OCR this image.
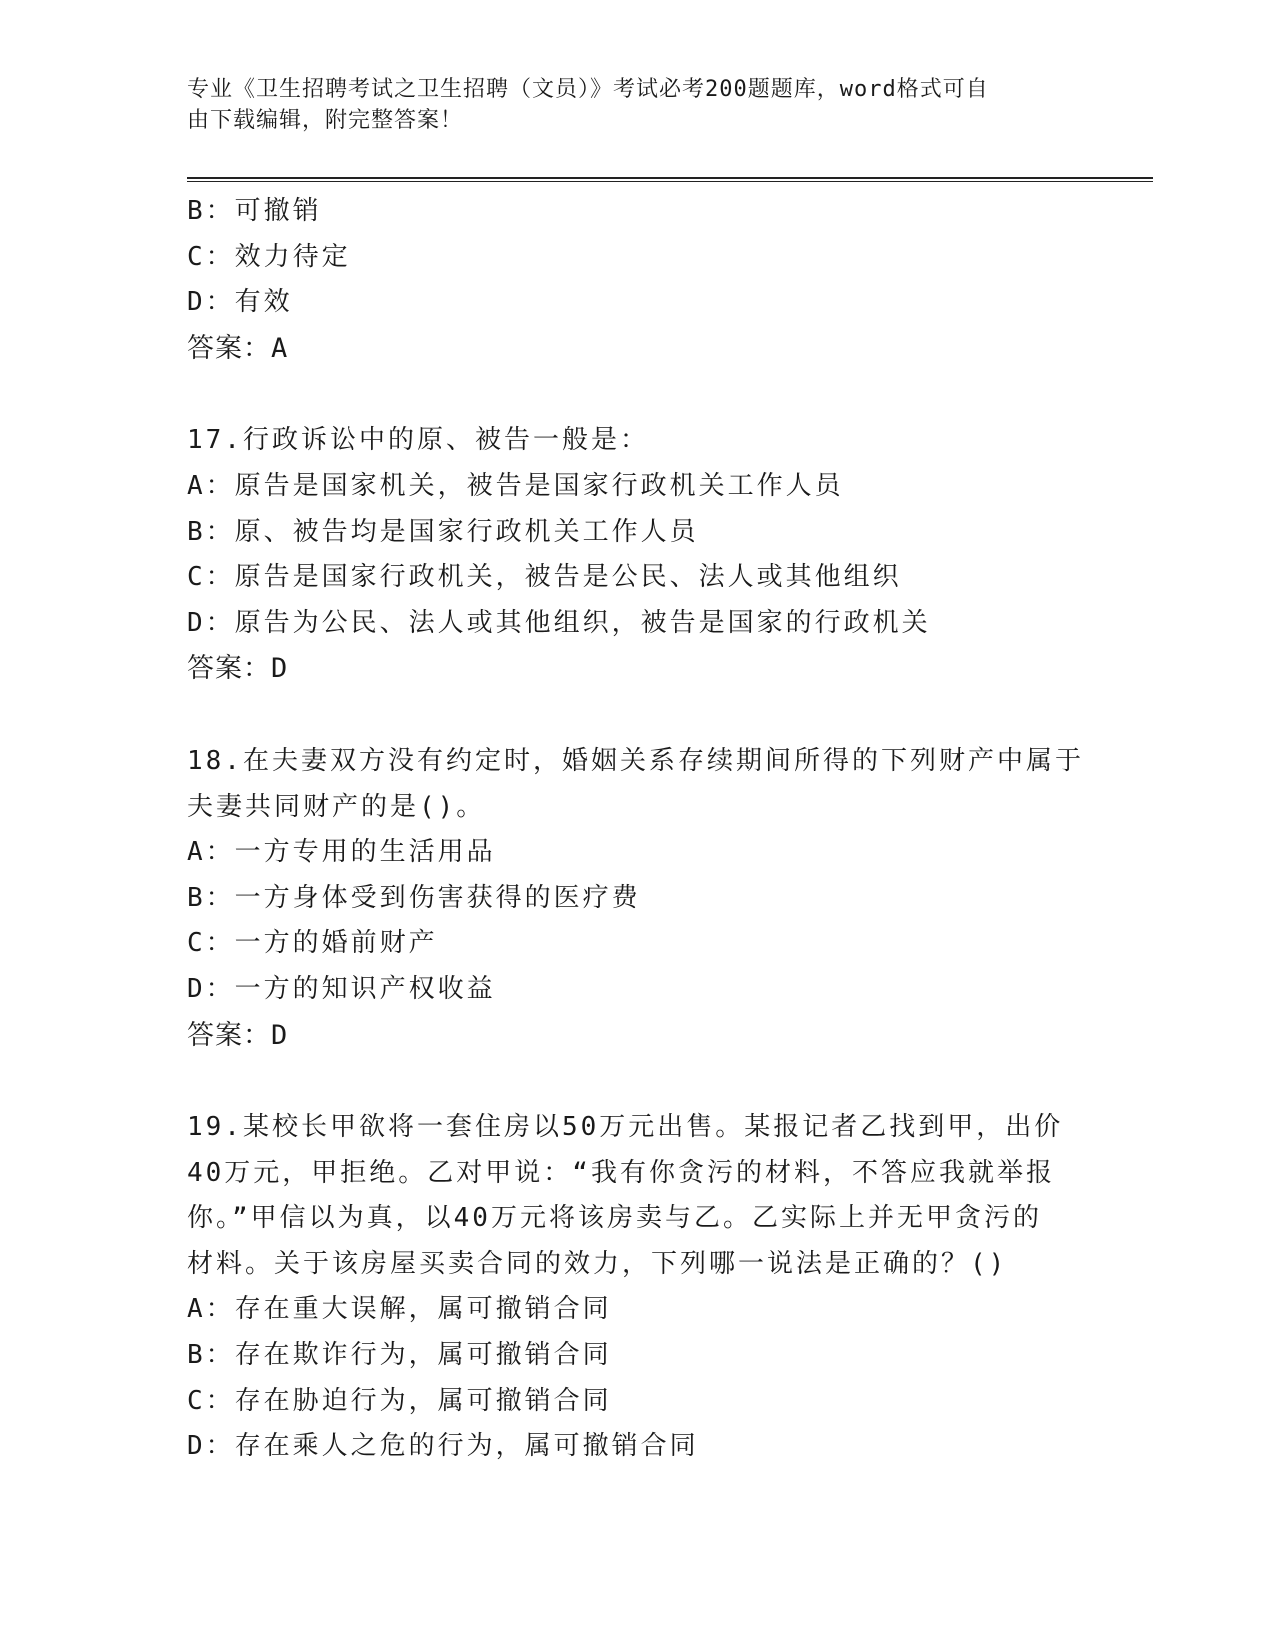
专业《卫生招聘考试之卫生招聘（文员）》考试必考200题题库，word格式可自
由下载编辑，附完整答案！
B：可撤销
C：效力待定
D：有效
答案：A
17.行政诉讼中的原、被告一般是：
A：原告是国家机关，被告是国家行政机关工作人员
B：原、被告均是国家行政机关工作人员
C：原告是国家行政机关，被告是公民、法人或其他组织
D：原告为公民、法人或其他组织，被告是国家的行政机关
答案：D
18.在夫妻双方没有约定时，婚姻关系存续期间所得的下列财产中属于
夫妻共同财产的是()。
A：一方专用的生活用品
B：一方身体受到伤害获得的医疗费
C：一方的婚前财产
D：一方的知识产权收益
答案：D
19.某校长甲欲将一套住房以50万元出售。某报记者乙找到甲，出价
40万元，甲拒绝。乙对甲说：“我有你贪污的材料，不答应我就举报
你。”甲信以为真，以40万元将该房卖与乙。乙实际上并无甲贪污的
材料。关于该房屋买卖合同的效力，下列哪一说法是正确的？()
A：存在重大误解，属可撤销合同
B：存在欺诈行为，属可撤销合同
C：存在胁迫行为，属可撤销合同
D：存在乘人之危的行为，属可撤销合同
